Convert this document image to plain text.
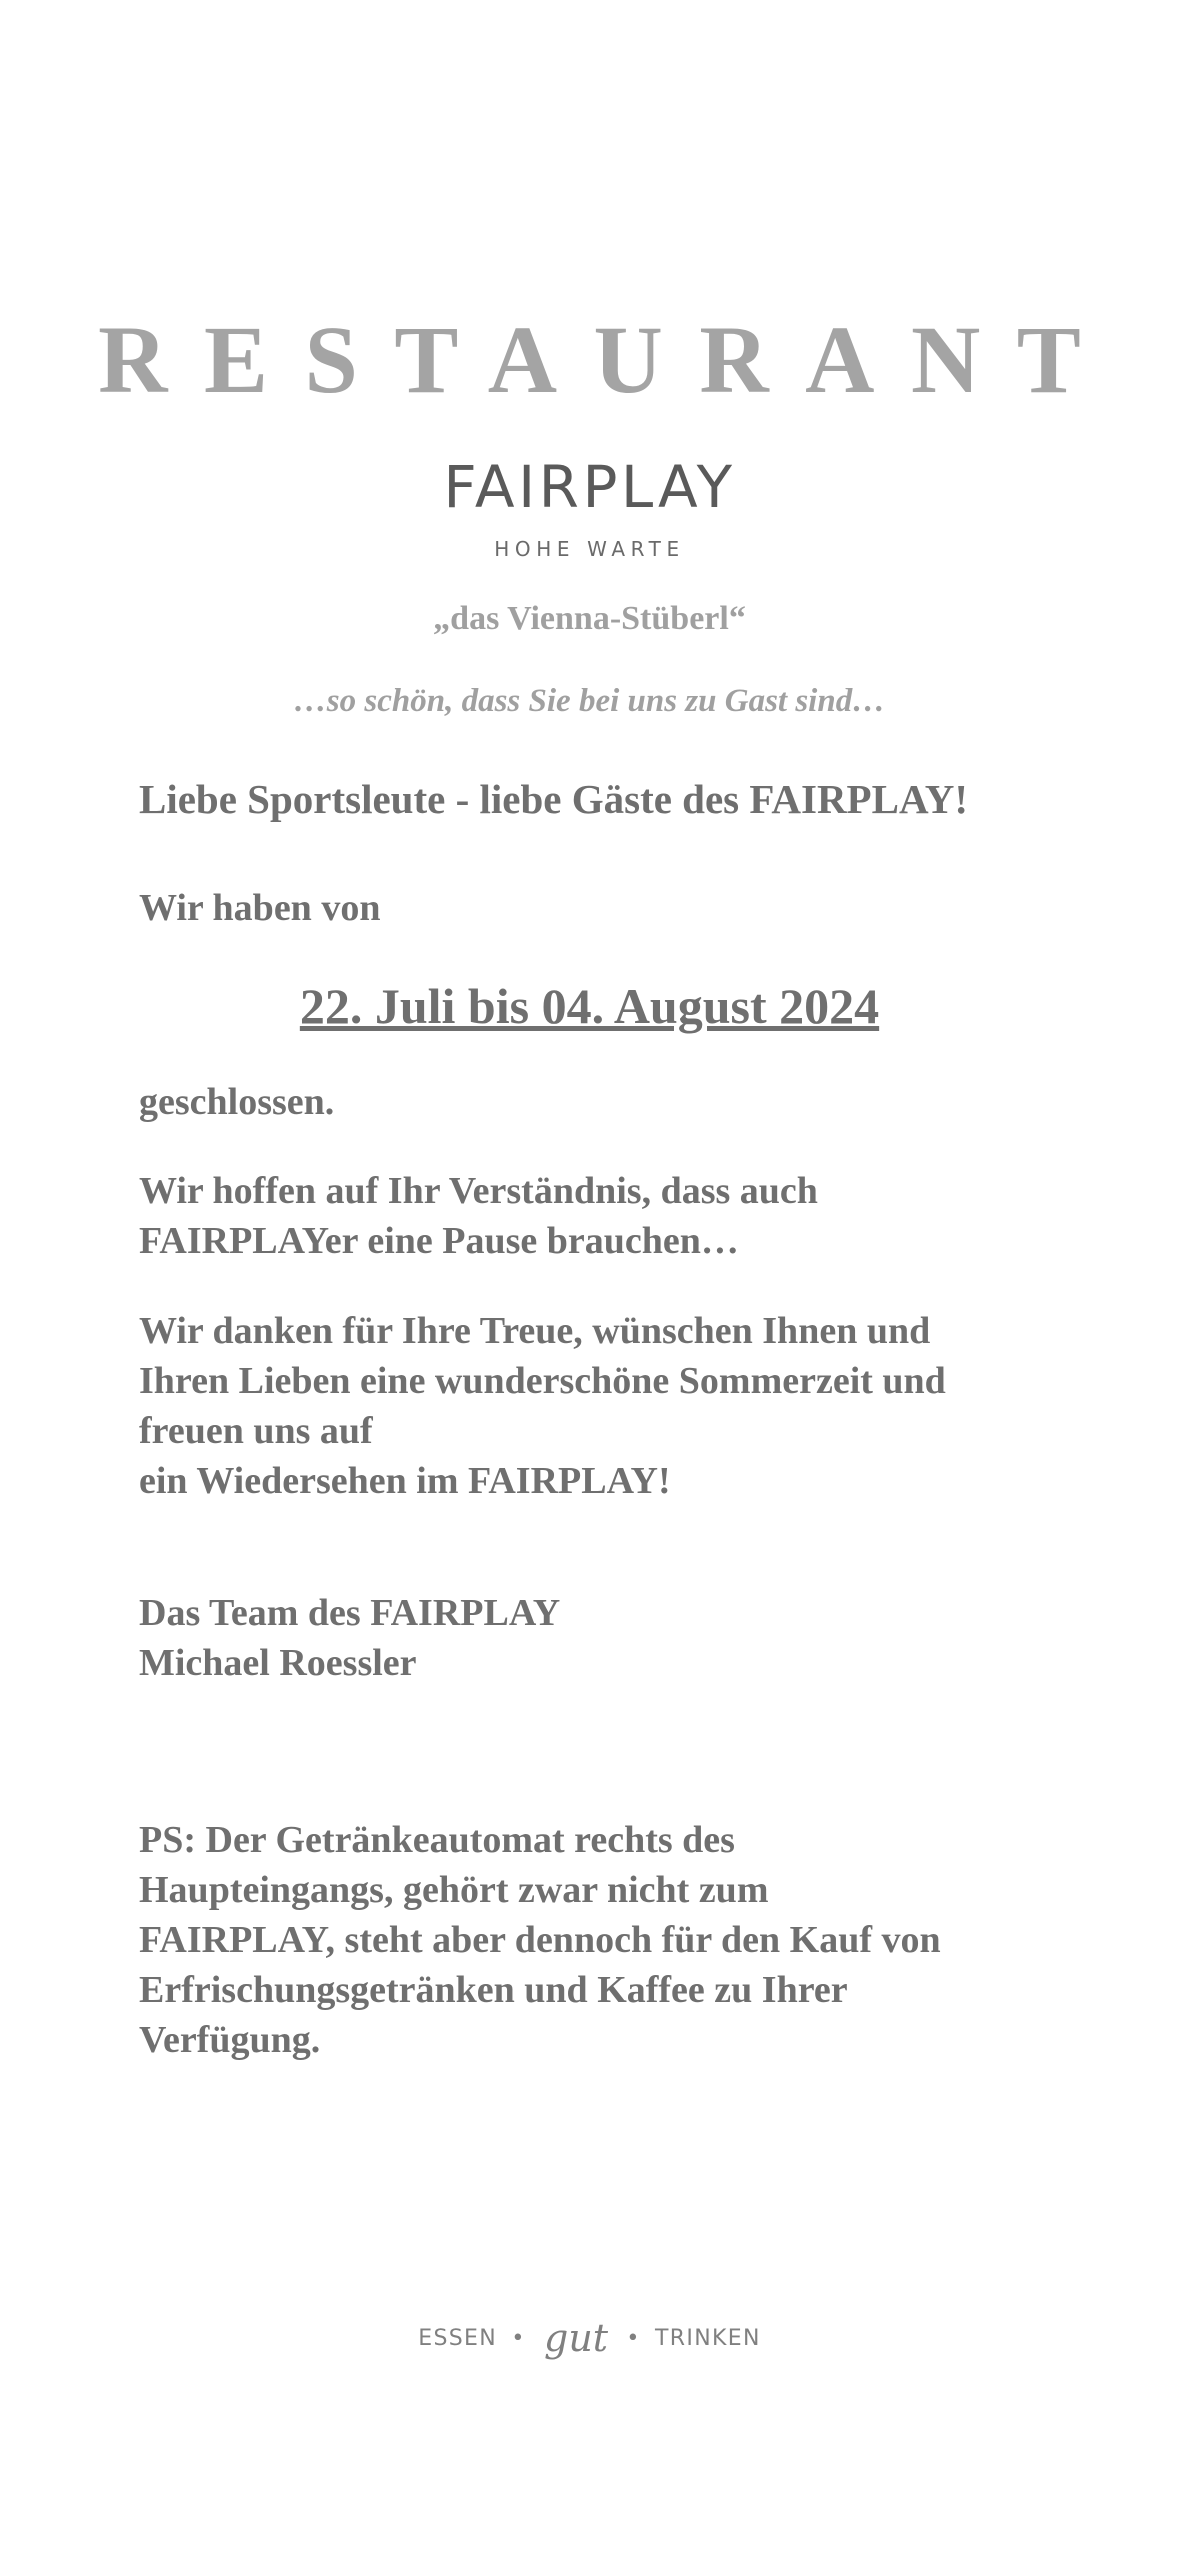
RESTAURANT
FAIRPLAY
HOHE WARTE
„das Vienna-Stüberl“
…so schön, dass Sie bei uns zu Gast sind…
Liebe Sportsleute - liebe Gäste des FAIRPLAY!
Wir haben von
22. Juli bis 04. August 2024
geschlossen.
Wir hoffen auf Ihr Verständnis, dass auch
FAIRPLAYer eine Pause brauchen…
Wir danken für Ihre Treue, wünschen Ihnen und
Ihren Lieben eine wunderschöne Sommerzeit und
freuen uns auf
ein Wiedersehen im FAIRPLAY!
Das Team des FAIRPLAY
Michael Roessler
PS: Der Getränkeautomat rechts des
Haupteingangs, gehört zwar nicht zum
FAIRPLAY, steht aber dennoch für den Kauf von
Erfrischungsgetränken und Kaffee zu Ihrer
Verfügung.
ESSEN • gut • TRINKEN
